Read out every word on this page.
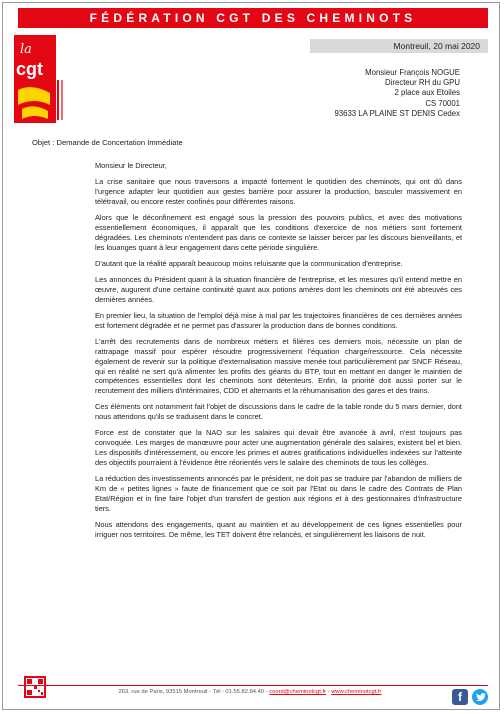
FÉDÉRATION CGT DES CHEMINOTS
la
cgt
Montreuil, 20 mai 2020
Monsieur François NOGUE
Directeur RH du GPU
2 place aux Etoiles
CS 70001
93633 LA PLAINE ST DENIS Cedex
Objet : Demande de Concertation Immédiate

Monsieur le Directeur,

La crise sanitaire que nous traversons a impacté fortement le quotidien des cheminots, qui ont dû dans l'urgence adapter leur quotidien aux gestes barrière pour assurer la production, basculer massivement en télétravail, ou encore rester confinés pour différentes raisons.

Alors que le déconfinement est engagé sous la pression des pouvoirs publics, et avec des motivations essentiellement économiques, il apparaît que les conditions d'exercice de nos métiers sont fortement dégradées. Les cheminots n'entendent pas dans ce contexte se laisser bercer par les discours bienveillants, et les louanges quant à leur engagement dans cette période singulière.

D'autant que la réalité apparaît beaucoup moins reluisante que la communication d'entreprise.

Les annonces du Président quant à la situation financière de l'entreprise, et les mesures qu'il entend mettre en œuvre, augurent d'une certaine continuité quant aux potions amères dont les cheminots ont été abreuvés ces dernières années.

En premier lieu, la situation de l'emploi déjà mise à mal par les trajectoires financières de ces dernières années est fortement dégradée et ne permet pas d'assurer la production dans de bonnes conditions.

L'arrêt des recrutements dans de nombreux métiers et filières ces derniers mois, nécessite un plan de rattrapage massif pour espérer résoudre progressivement l'équation charge/ressource. Cela nécessite également de revenir sur la politique d'externalisation massive menée tout particulièrement par SNCF Réseau, qui en réalité ne sert qu'à alimenter les profits des géants du BTP, tout en mettant en danger le maintien de compétences essentielles dont les cheminots sont détenteurs. Enfin, la priorité doit aussi porter sur le recrutement des milliers d'intérimaires, CDD et alternants et la réhumanisation des gares et des trains.

Ces éléments ont notamment fait l'objet de discussions dans le cadre de la table ronde du 5 mars dernier, dont nous attendons qu'ils se traduisent dans le concret.

Force est de constater que la NAO sur les salaires qui devait être avancée à avril, n'est toujours pas convoquée. Les marges de manœuvre pour acter une augmentation générale des salaires, existent bel et bien. Les dispositifs d'intéressement, ou encore les primes et autres gratifications individuelles indexées sur l'atteinte des objectifs pourraient à l'évidence être réorientés vers le salaire des cheminots de tous les collèges.

La réduction des investissements annoncés par le président, ne doit pas se traduire par l'abandon de milliers de Km de « petites lignes » faute de financement que ce soit par l'Etat ou dans le cadre des Contrats de Plan Etat/Région et in fine faire l'objet d'un transfert de gestion aux régions et à des gestionnaires d'infrastructure tiers.

Nous attendons des engagements, quant au maintien et au développement de ces lignes essentielles pour irriguer nos territoires. De même, les TET doivent être relancés, et singulièrement les liaisons de nuit.

263, rue de Paris, 93515 Montreuil - Tél : 01.55.82.84.40 - coord@cheminotcgt.fr - www.cheminotcgt.fr	f
